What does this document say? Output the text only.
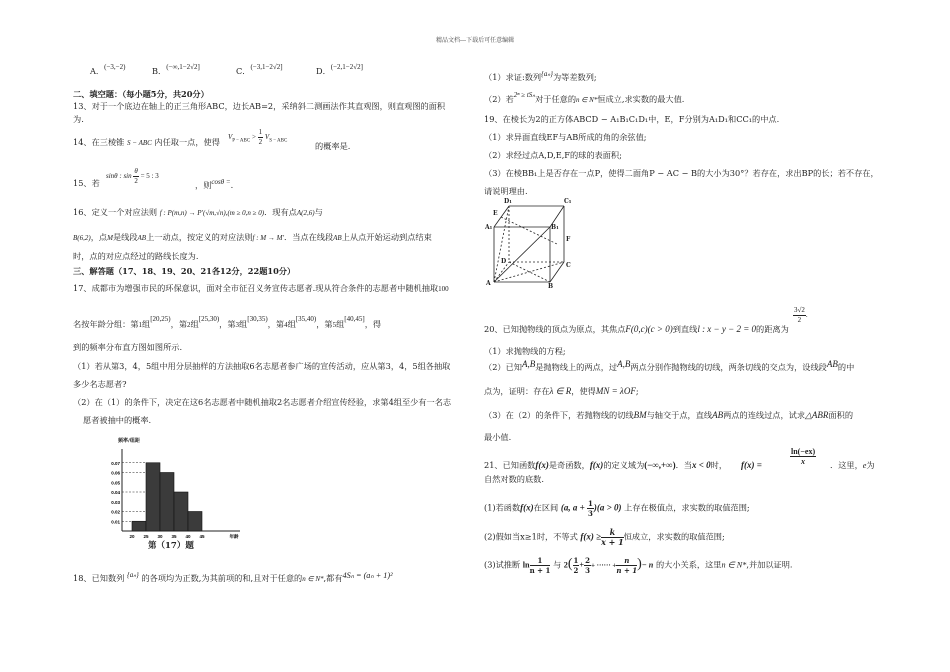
精品文档---下载后可任意编辑
A．(−3,−2)	B．(−∞,1−2√2]	C．(−3,1−2√2]	D．(−2,1−2√2]
二、填空题：（每小题5分，共20分）
13、对于一个底边在轴上的正三角形ABC，边长AB=2，采纳斜二测画法作其直观图，则直观图的面积
为.
14、在三棱锥 S − ABC 内任取一点，使得 $V_{P - ABC} > \frac{1}{2} V_{S - ABC}$	的概率是.
15、若
sinθ : $\sin \frac{\theta}{2} = 5$ : 3
，则cosθ =.
16、定义一个对应法则 f : P(m,n) → P′(√m,√n),(m ≥ 0,n ≥ 0)．现有点A(2,6)与
B(6,2)，点M是线段AB上一动点，按定义的对应法则f : M → M′．当点在线段AB上从点开始运动到点结束
时，点的对应点经过的路线长度为.
三、解答题（17、18、19、20、21各12分，22题10分）
17、成都市为增强市民的环保意识，面对全市征召义务宣传志愿者.现从符合条件的志愿者中随机抽取100
名按年龄分组：第1组[20,25)，第2组[25,30)，第3组[30,35)，第4组[35,40)，第5组[40,45]，得
到的频率分布直方图如图所示.
（1）若从第3，4，5组中用分层抽样的方法抽取6名志愿者参广场的宣传活动，应从第3，4，5组各抽取
多少名志愿者?
（2）在（1）的条件下，决定在这6名志愿者中随机抽取2名志愿者介绍宣传经验，求第4组至少有一名志
愿者被抽中的概率.
频率/组距
0.07
0.06
0.05
0.04
0.03
0.02
0.01
20 25 30 35 40 45	年龄
第（17）题
18、已知数列 {aₙ} 的各项均为正数,为其前项的和,且对于任意的n ∈ N*,都有4Sₙ = (aₙ + 1)²
（1）求证:数列{aₙ}为等差数列;
（2）若2ⁿ ≥ tSₙ对于任意的n ∈ N*恒成立,求实数的最大值.
19、在棱长为2的正方体ABCD − A₁B₁C₁D₁中，E，F分别为A₁D₁和CC₁的中点.
（1）求异面直线EF与AB所成的角的余弦值;
（2）求经过点A,D,E,F的球的表面积;
（3）在棱BB₁上是否存在一点P，使得二面角P − AC − B的大小为30°？若存在，求出BP的长；若不存在，
请说明理由.
D₁	C₁
E
A₁	B₁
F
D
C
A	B
20、已知抛物线的顶点为原点，其焦点F(0,c)(c > 0)到直线l : x − y − 2 = 0的距离为
$\frac{3√2}{2}$ .
（1）求抛物线的方程;
（2）已知A,B是抛物线上的两点，过A,B两点分别作抛物线的切线，两条切线的交点为，设线段AB的中
点为，证明：存在λ ∈ R，使得MN = λOF;
（3）在（2）的条件下，若抛物线的切线BM与轴交于点，直线AB两点的连线过点，试求△ABR面积的
最小值.
21、已知函数f(x)是奇函数，f(x)的定义域为(−∞,+∞)．当x < 0时， f(x) =	$\frac{\ln(-ex)}{x}$ ．这里，e为
自然对数的底数.
(1)若函数f(x)在区间 (a, $a + \frac{1}{3} )(a > 0)$ 上存在极值点，求实数的取值范围;
(2)假如当x≥1时，不等式 $f(x) \ge \frac{k}{x + 1}$ 恒成立，求实数的取值范围;
(3)试推断 $\ln \frac{1}{n + 1}$ 与 $2( \frac{1}{2} + \frac{2}{3}$ + ······ + $\frac{n}{n + 1}$ )− n 的大小关系，这里n ∈ N*,并加以证明.
